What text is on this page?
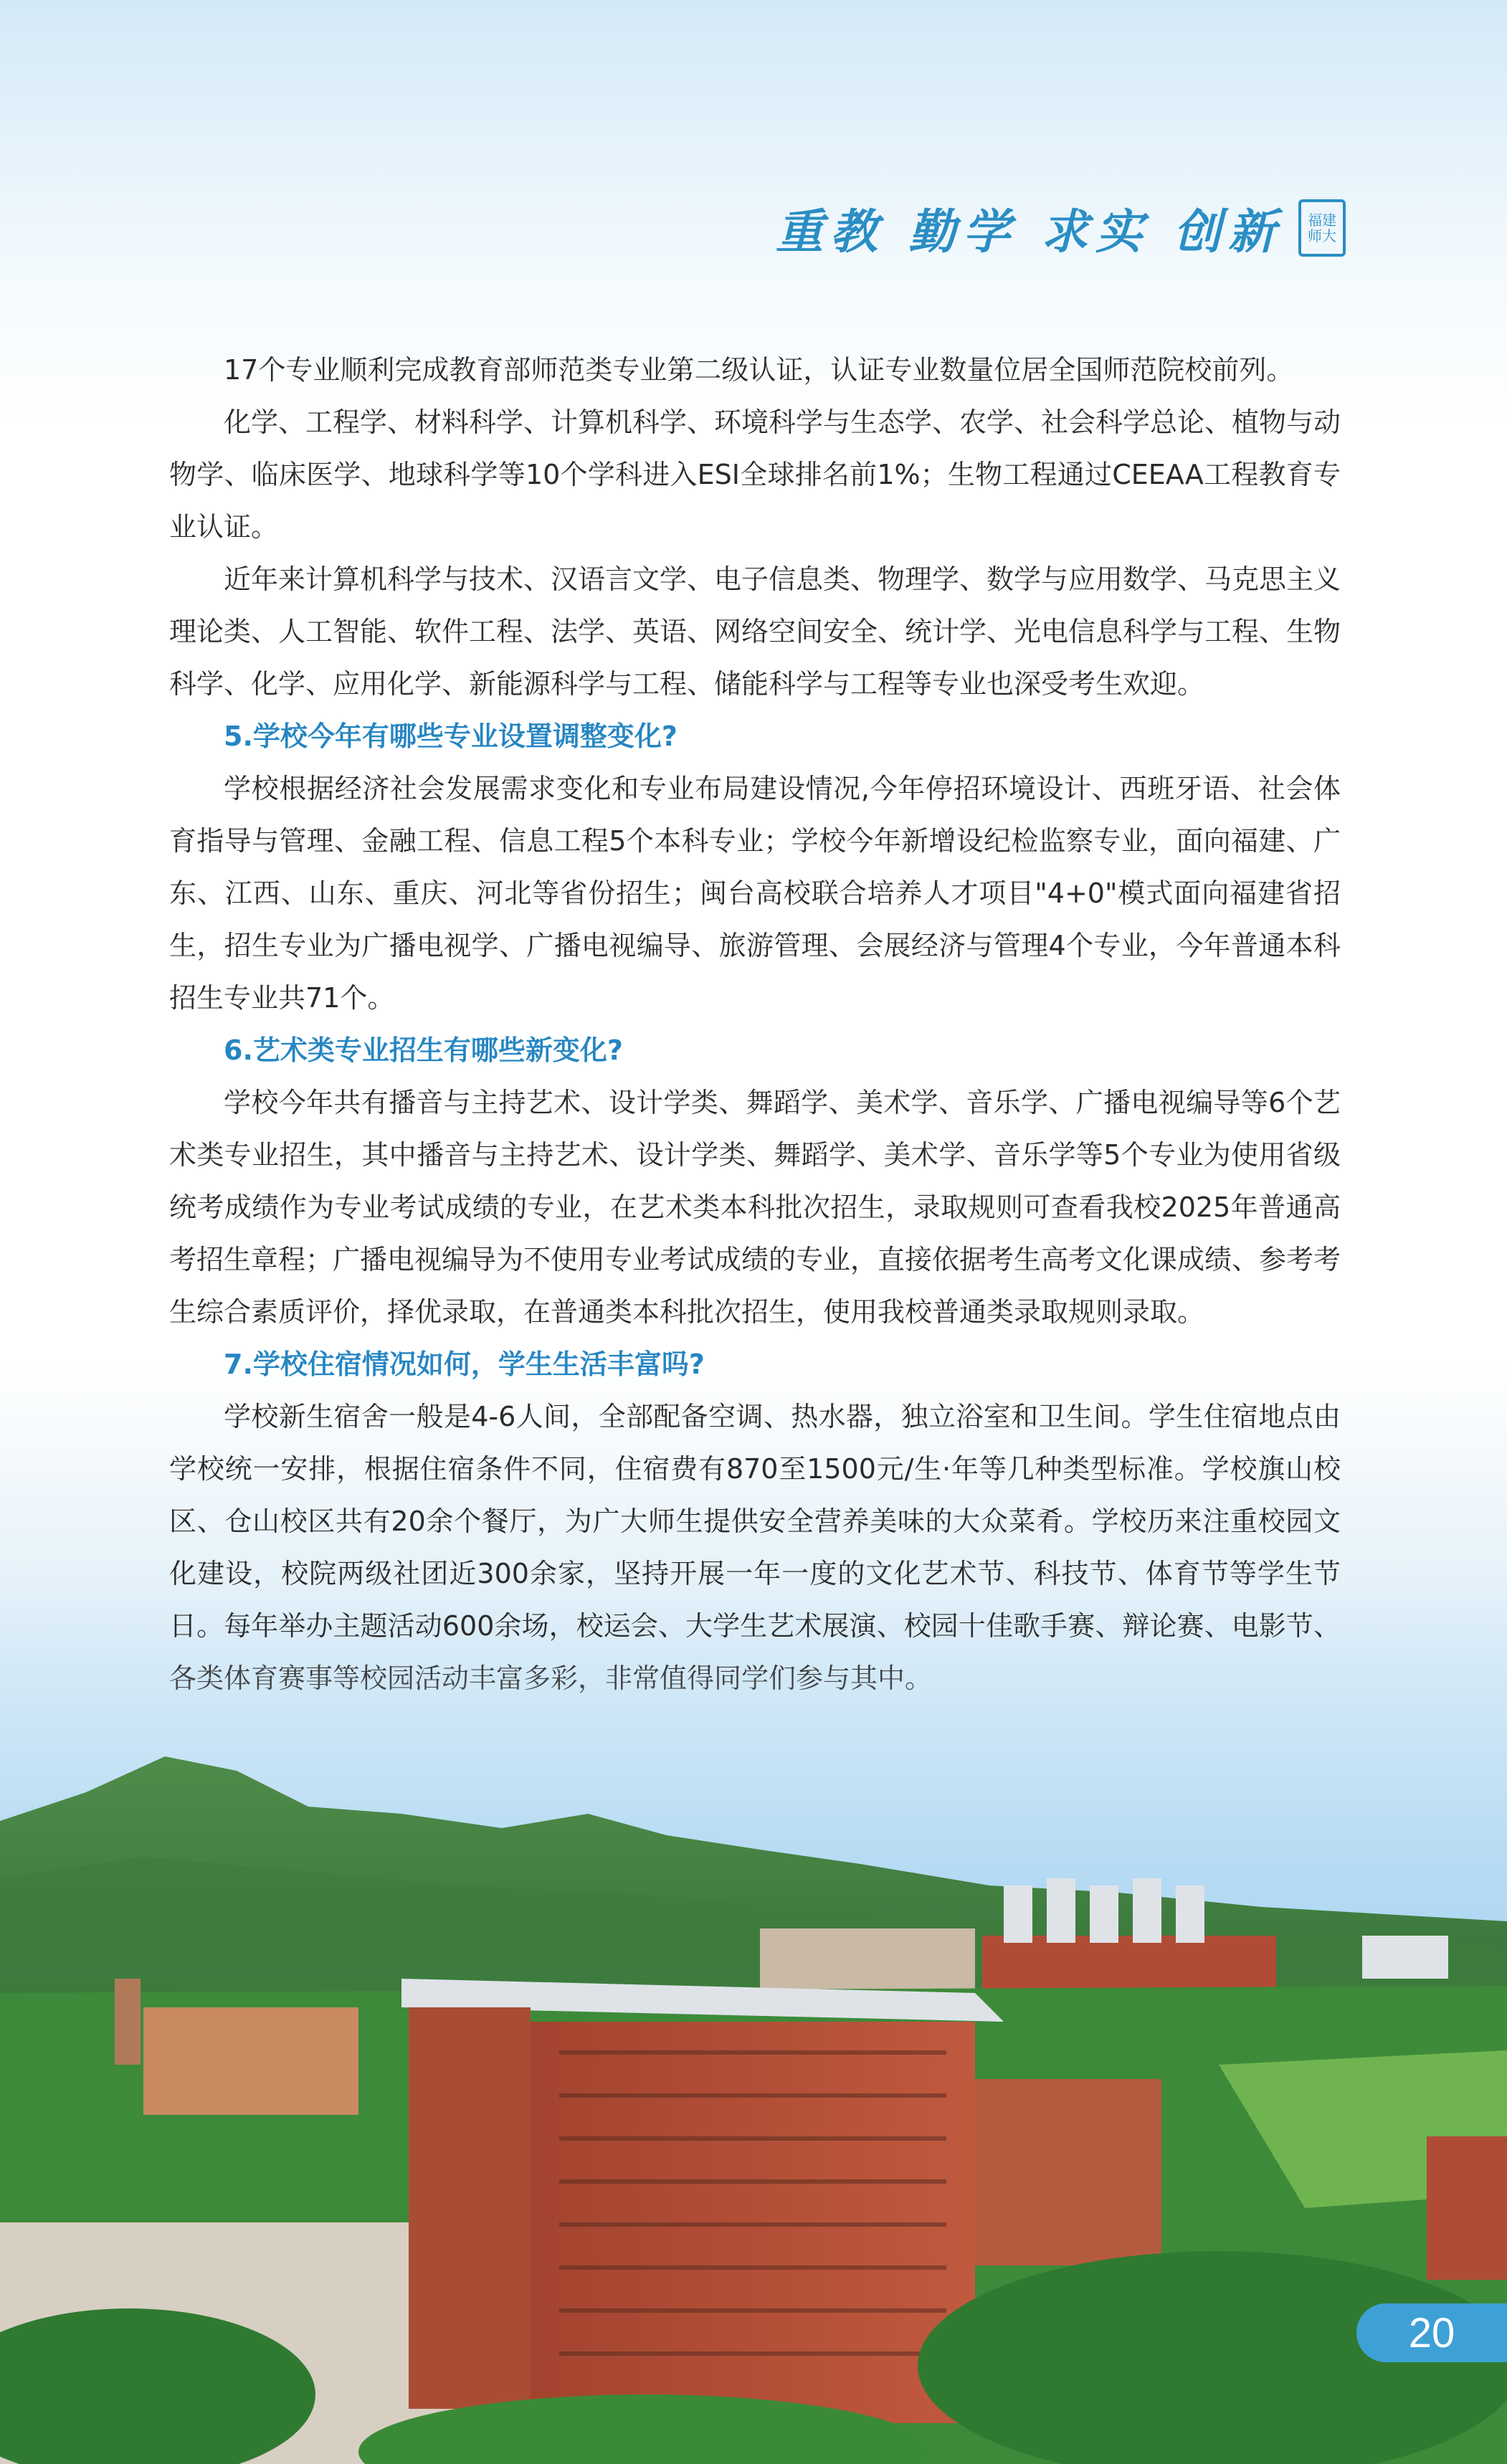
重教 勤学 求实 创新	福建
师大

17个专业顺利完成教育部师范类专业第二级认证，认证专业数量位居全国师范院校前列。

化学、工程学、材料科学、计算机科学、环境科学与生态学、农学、社会科学总论、植物与动物学、临床医学、地球科学等10个学科进入ESI全球排名前1%；生物工程通过CEEAA工程教育专业认证。

近年来计算机科学与技术、汉语言文学、电子信息类、物理学、数学与应用数学、马克思主义理论类、人工智能、软件工程、法学、英语、网络空间安全、统计学、光电信息科学与工程、生物科学、化学、应用化学、新能源科学与工程、储能科学与工程等专业也深受考生欢迎。

5.学校今年有哪些专业设置调整变化?

学校根据经济社会发展需求变化和专业布局建设情况,今年停招环境设计、西班牙语、社会体育指导与管理、金融工程、信息工程5个本科专业；学校今年新增设纪检监察专业，面向福建、广东、江西、山东、重庆、河北等省份招生；闽台高校联合培养人才项目"4+0"模式面向福建省招生，招生专业为广播电视学、广播电视编导、旅游管理、会展经济与管理4个专业，今年普通本科招生专业共71个。

6.艺术类专业招生有哪些新变化?

学校今年共有播音与主持艺术、设计学类、舞蹈学、美术学、音乐学、广播电视编导等6个艺术类专业招生，其中播音与主持艺术、设计学类、舞蹈学、美术学、音乐学等5个专业为使用省级统考成绩作为专业考试成绩的专业，在艺术类本科批次招生，录取规则可查看我校2025年普通高考招生章程；广播电视编导为不使用专业考试成绩的专业，直接依据考生高考文化课成绩、参考考生综合素质评价，择优录取，在普通类本科批次招生，使用我校普通类录取规则录取。

7.学校住宿情况如何，学生生活丰富吗?

学校新生宿舍一般是4-6人间，全部配备空调、热水器，独立浴室和卫生间。学生住宿地点由学校统一安排，根据住宿条件不同，住宿费有870至1500元/生·年等几种类型标准。学校旗山校区、仓山校区共有20余个餐厅，为广大师生提供安全营养美味的大众菜肴。学校历来注重校园文化建设，校院两级社团近300余家，坚持开展一年一度的文化艺术节、科技节、体育节等学生节日。每年举办主题活动600余场，校运会、大学生艺术展演、校园十佳歌手赛、辩论赛、电影节、

20
